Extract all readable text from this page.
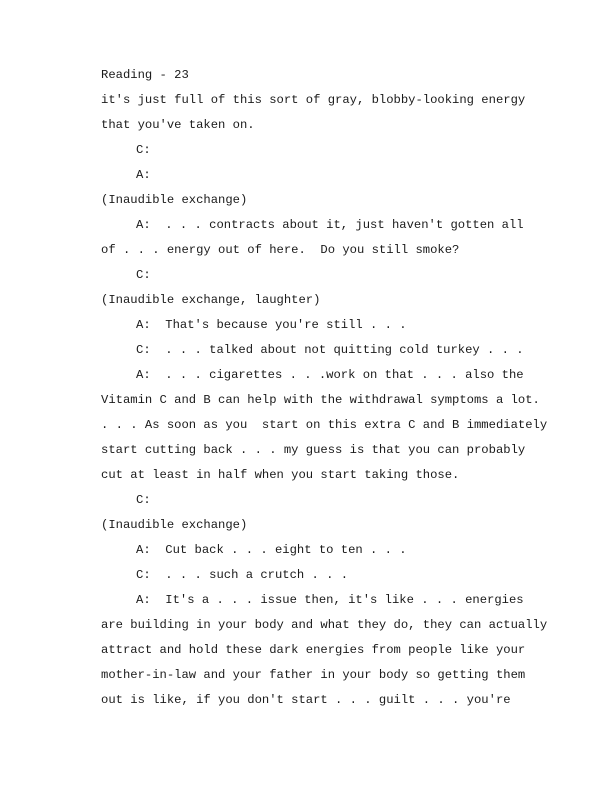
Reading - 23
it's just full of this sort of gray, blobby-looking energy
that you've taken on.
C:
A:
(Inaudible exchange)
A:  . . . contracts about it, just haven't gotten all
of . . . energy out of here.  Do you still smoke?
C:
(Inaudible exchange, laughter)
A:  That's because you're still . . .
C:  . . . talked about not quitting cold turkey . . .
A:  . . . cigarettes . . .work on that . . . also the
Vitamin C and B can help with the withdrawal symptoms a lot.
. . . As soon as you  start on this extra C and B immediately
start cutting back . . . my guess is that you can probably
cut at least in half when you start taking those.
C:
(Inaudible exchange)
A:  Cut back . . . eight to ten . . .
C:  . . . such a crutch . . .
A:  It's a . . . issue then, it's like . . . energies
are building in your body and what they do, they can actually
attract and hold these dark energies from people like your
mother-in-law and your father in your body so getting them
out is like, if you don't start . . . guilt . . . you're
